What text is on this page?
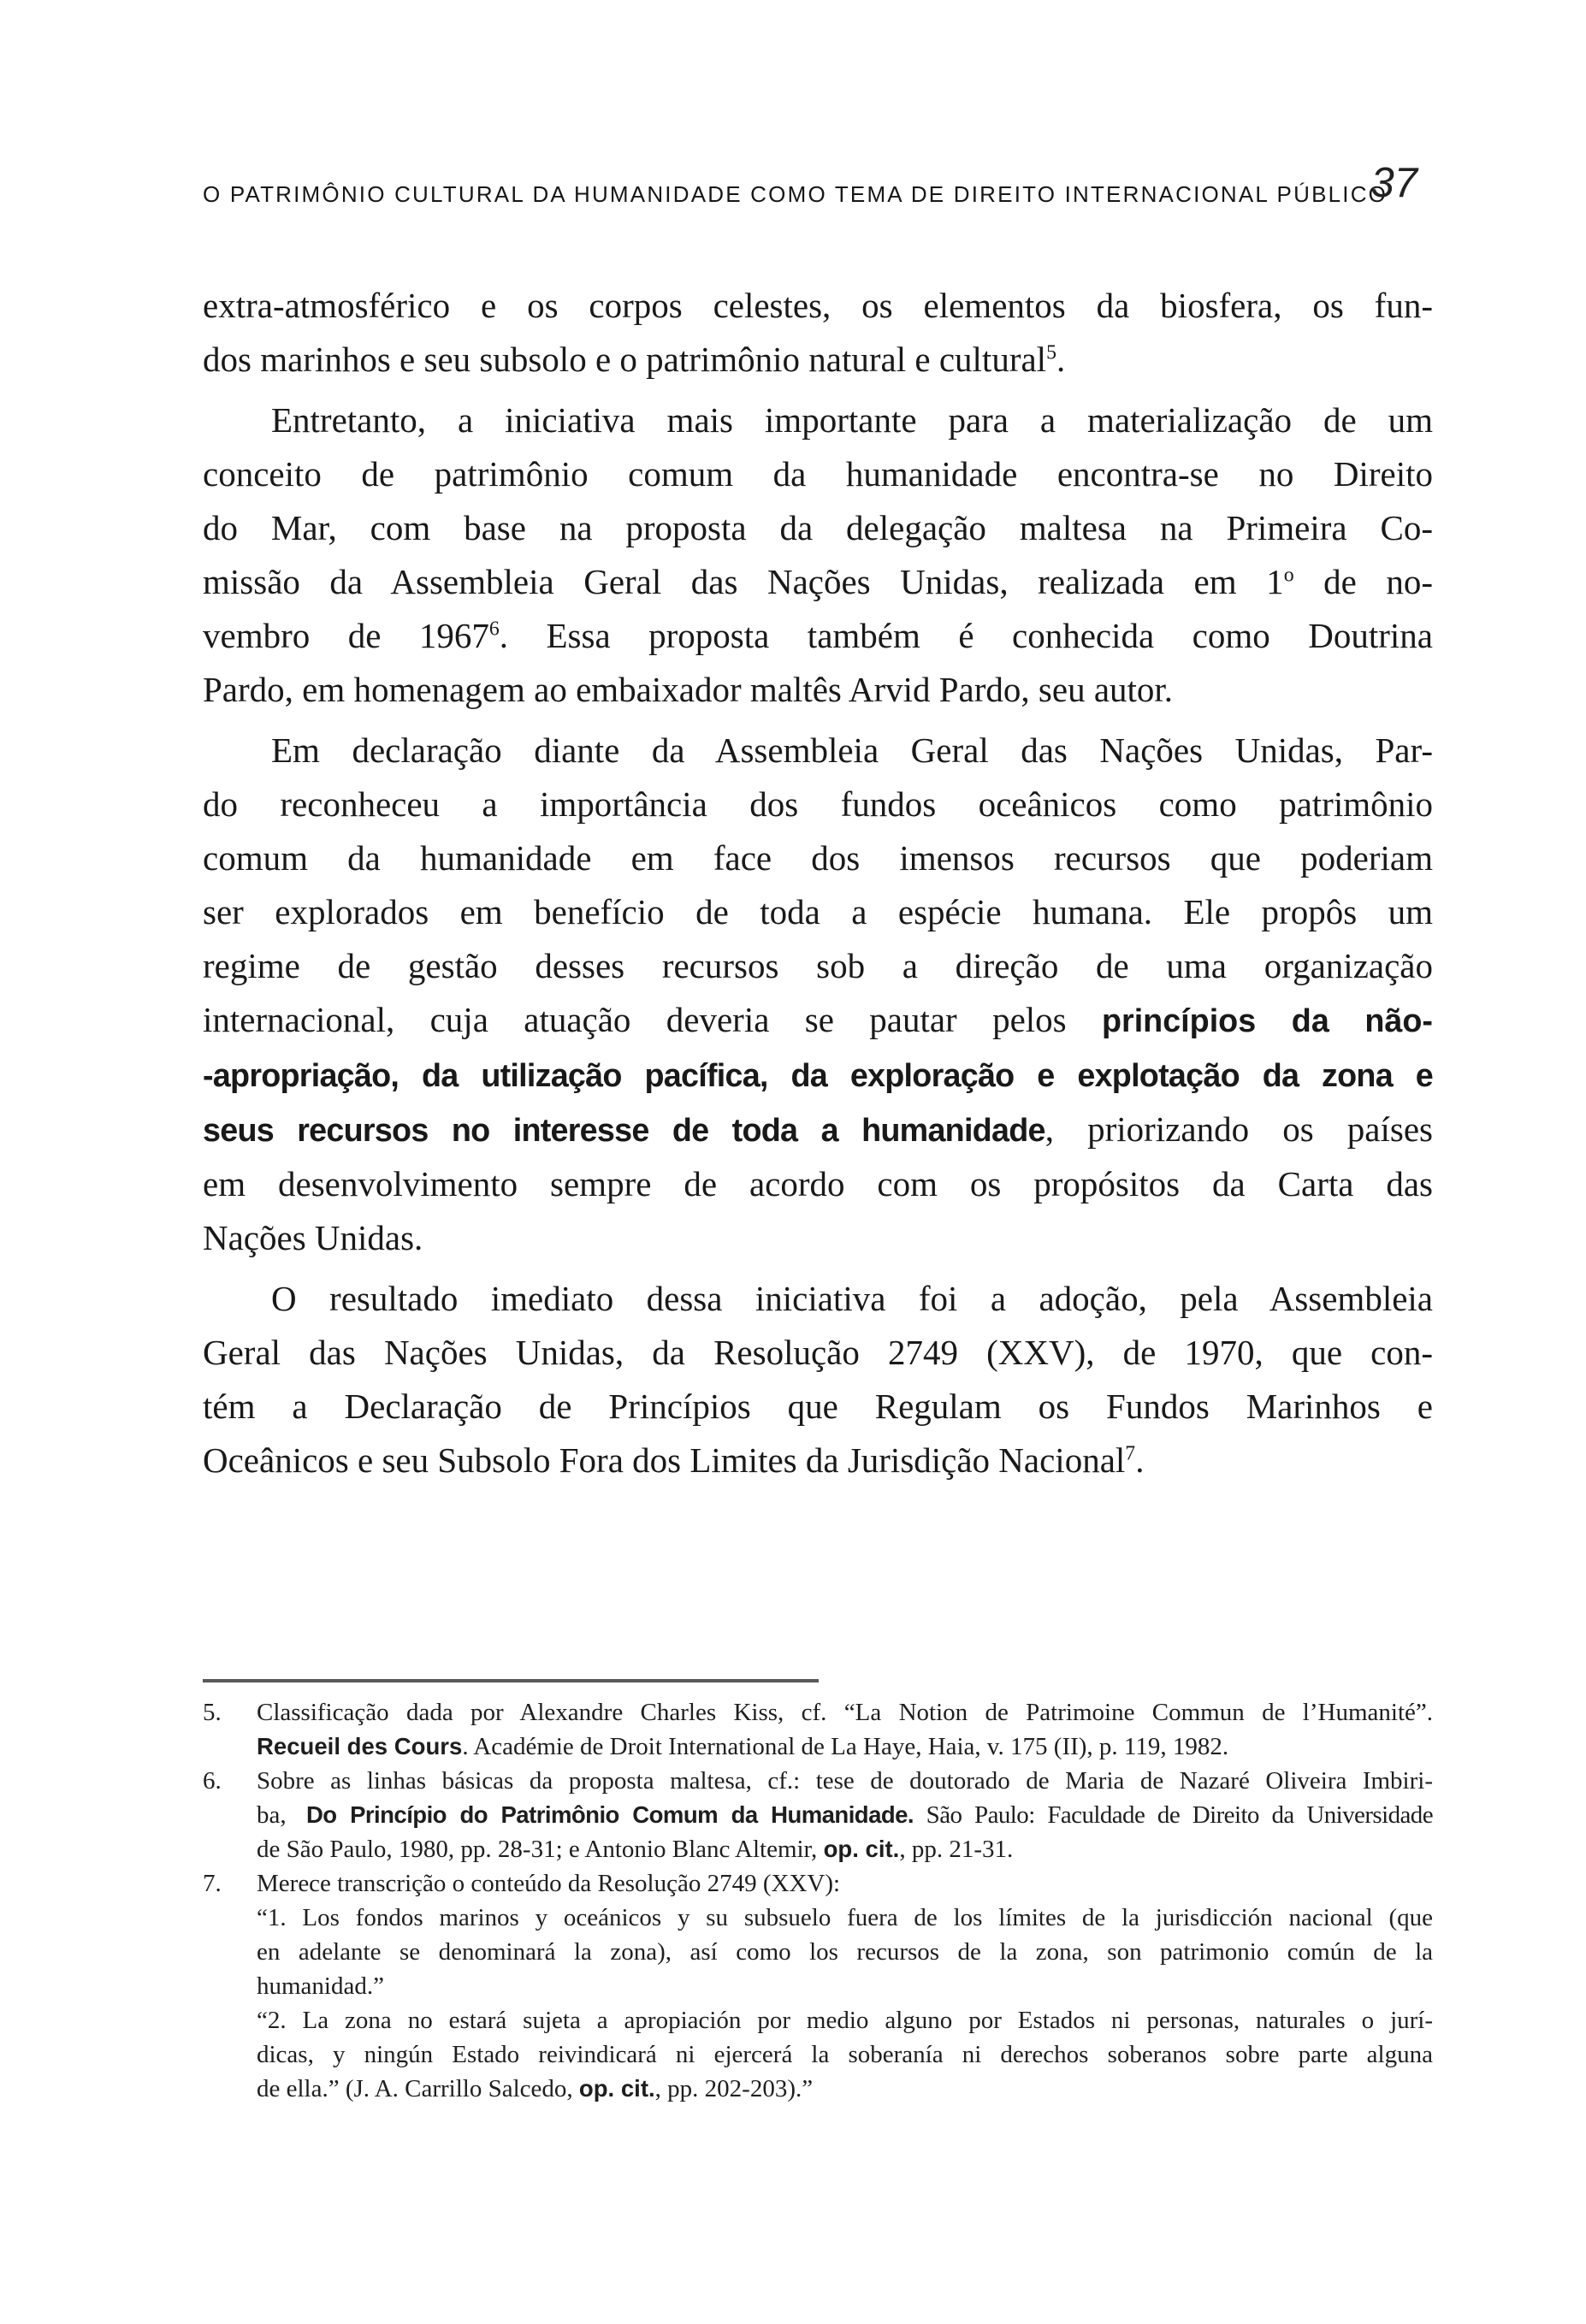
O PATRIMÔNIO CULTURAL DA HUMANIDADE COMO TEMA DE DIREITO INTERNACIONAL PÚBLICO
37
extra-atmosférico e os corpos celestes, os elementos da biosfera, os fun-
dos marinhos e seu subsolo e o patrimônio natural e cultural$^5$.
Entretanto, a iniciativa mais importante para a materialização de um
conceito de patrimônio comum da humanidade encontra-se no Direito
do Mar, com base na proposta da delegação maltesa na Primeira Co-
missão da Assembleia Geral das Nações Unidas, realizada em 1$^o$ de no-
vembro de 1967$^6$. Essa proposta também é conhecida como Doutrina
Pardo, em homenagem ao embaixador maltês Arvid Pardo, seu autor.
Em declaração diante da Assembleia Geral das Nações Unidas, Par-
do reconheceu a importância dos fundos oceânicos como patrimônio
comum da humanidade em face dos imensos recursos que poderiam
ser explorados em benefício de toda a espécie humana. Ele propôs um
regime de gestão desses recursos sob a direção de uma organização
internacional, cuja atuação deveria se pautar pelos princípios da não-
-apropriação, da utilização pacífica, da exploração e explotação da zona e
seus recursos no interesse de toda a humanidade, priorizando os países
em desenvolvimento sempre de acordo com os propósitos da Carta das
Nações Unidas.
O resultado imediato dessa iniciativa foi a adoção, pela Assembleia
Geral das Nações Unidas, da Resolução 2749 (XXV), de 1970, que con-
tém a Declaração de Princípios que Regulam os Fundos Marinhos e
Oceânicos e seu Subsolo Fora dos Limites da Jurisdição Nacional$^7$.
5.	Classificação dada por Alexandre Charles Kiss, cf. “La Notion de Patrimoine Commun de l’Humanité”.
Recueil des Cours. Académie de Droit International de La Haye, Haia, v. 175 (II), p. 119, 1982.
6.	Sobre as linhas básicas da proposta maltesa, cf.: tese de doutorado de Maria de Nazaré Oliveira Imbiri-
ba, Do Princípio do Patrimônio Comum da Humanidade. São Paulo: Faculdade de Direito da Universidade
de São Paulo, 1980, pp. 28-31; e Antonio Blanc Altemir, op. cit., pp. 21-31.
7.	Merece transcrição o conteúdo da Resolução 2749 (XXV):
“1. Los fondos marinos y oceánicos y su subsuelo fuera de los límites de la jurisdicción nacional (que
en adelante se denominará la zona), así como los recursos de la zona, son patrimonio común de la
humanidad.”
“2. La zona no estará sujeta a apropiación por medio alguno por Estados ni personas, naturales o jurí-
dicas, y ningún Estado reivindicará ni ejercerá la soberanía ni derechos soberanos sobre parte alguna
de ella.” (J. A. Carrillo Salcedo, op. cit., pp. 202-203).”
